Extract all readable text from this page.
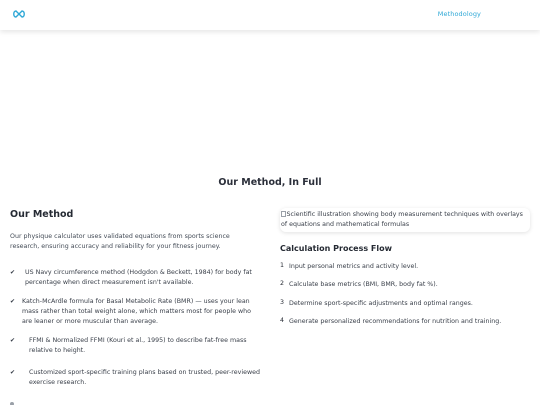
Methodology
Our Method, In Full
Our Method

Our physique calculator uses validated equations from sports science research, ensuring accuracy and reliability for your fitness journey.

✔ US Navy circumference method (Hodgdon & Beckett, 1984) for body fat percentage when direct measurement isn't available.
✔ Katch-McArdle formula for Basal Metabolic Rate (BMR) — uses your lean mass rather than total weight alone, which matters most for people who are leaner or more muscular than average.
✔ FFMI & Normalized FFMI (Kouri et al., 1995) to describe fat-free mass relative to height.
✔ Customized sport-specific training plans based on trusted, peer-reviewed exercise research.
Scientific illustration showing body measurement techniques with overlays of equations and mathematical formulas
Calculation Process Flow
1 Input personal metrics and activity level.
2 Calculate base metrics (BMI, BMR, body fat %).
3 Determine sport-specific adjustments and optimal ranges.
4 Generate personalized recommendations for nutrition and training.
